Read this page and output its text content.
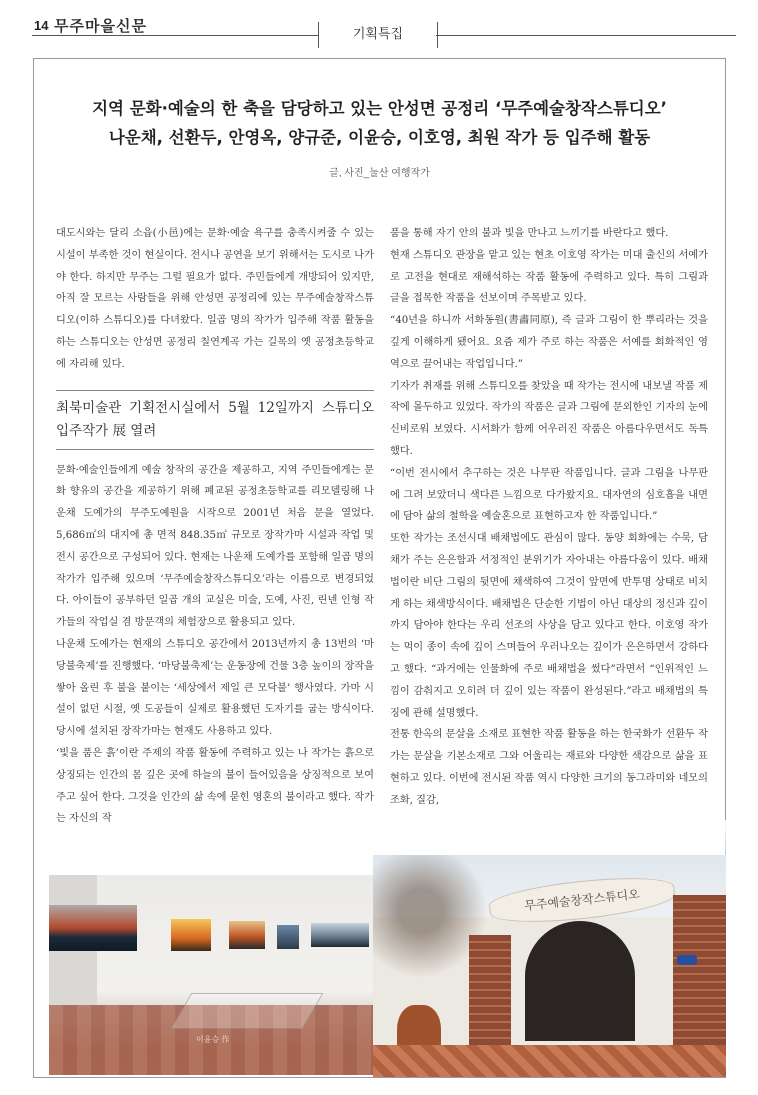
14 무주마을신문	기획특집
지역 문화·예술의 한 축을 담당하고 있는 안성면 공정리 ‘무주예술창작스튜디오’
나운채, 선환두, 안영옥, 양규준, 이윤승, 이호영, 최원 작가 등 입주해 활동
글, 사진_눌산 여행작가

대도시와는 달리 소읍(小邑)에는 문화·예술 욕구를 충족시켜줄 수 있는 시설이 부족한 것이 현실이다. 전시나 공연을 보기 위해서는 도시로 나가야 한다. 하지만 무주는 그럴 필요가 없다. 주민들에게 개방되어 있지만, 아직 잘 모르는 사람들을 위해 안성면 공정리에 있는 무주예술창작스튜디오(이하 스튜디오)를 다녀왔다. 일곱 명의 작가가 입주해 작품 활동을 하는 스튜디오는 안성면 공정리 칠연계곡 가는 길목의 옛 공정초등학교에 자리해 있다.

최북미술관 기획전시실에서 5월 12일까지 스튜디오 입주작가 展 열려

문화·예술인들에게 예술 창작의 공간을 제공하고, 지역 주민들에게는 문화 향유의 공간을 제공하기 위해 폐교된 공정초등학교를 리모델링해 나운채 도예가의 무주도예원을 시작으로 2001년 처음 문을 열었다. 5,686㎡의 대지에 총 면적 848.35㎡ 규모로 장작가마 시설과 작업 및 전시 공간으로 구성되어 있다. 현재는 나운채 도예가를 포함해 일곱 명의 작가가 입주해 있으며 ‘무주예술창작스튜디오’라는 이름으로 변경되었다. 아이들이 공부하던 일곱 개의 교실은 미술, 도예, 사진, 린넨 인형 작가들의 작업실 겸 방문객의 체험장으로 활용되고 있다.

나운채 도예가는 현재의 스튜디오 공간에서 2013년까지 총 13번의 ‘마당불축제’를 진행했다. ‘마당불축제’는 운동장에 건물 3층 높이의 장작을 쌓아 올린 후 불을 붙이는 ‘세상에서 제일 큰 모닥불’ 행사였다. 가마 시설이 없던 시절, 옛 도공들이 실제로 활용했던 도자기를 굽는 방식이다. 당시에 설치된 장작가마는 현재도 사용하고 있다.

‘빛을 품은 흙’이란 주제의 작품 활동에 주력하고 있는 나 작가는 흙으로 상징되는 인간의 몸 깊은 곳에 하늘의 불이 들어있음을 상징적으로 보여주고 싶어 한다. 그것을 인간의 삶 속에 묻힌 영혼의 불이라고 했다. 작가는 자신의 작

품을 통해 자기 안의 불과 빛을 만나고 느끼기를 바란다고 했다.

현재 스튜디오 관장을 맡고 있는 현초 이호영 작가는 미대 출신의 서예가로 고전을 현대로 재해석하는 작품 활동에 주력하고 있다. 특히 그림과 글을 접목한 작품을 선보이며 주목받고 있다.

“40년을 하니까 서화동원(書畵同原), 즉 글과 그림이 한 뿌리라는 것을 깊게 이해하게 됐어요. 요즘 제가 주로 하는 작품은 서예를 회화적인 영역으로 끌어내는 작업입니다.”

기자가 취재를 위해 스튜디오를 찾았을 때 작가는 전시에 내보낼 작품 제작에 몰두하고 있었다. 작가의 작품은 글과 그림에 문외한인 기자의 눈에 신비로워 보였다. 시서화가 함께 어우러진 작품은 아름다우면서도 독특했다.

“이번 전시에서 추구하는 것은 나무판 작품입니다. 글과 그림을 나무판에 그려 보았더니 색다른 느낌으로 다가왔지요. 대자연의 심호흡을 내면에 담아 삶의 철학을 예술혼으로 표현하고자 한 작품입니다.”

또한 작가는 조선시대 배채법에도 관심이 많다. 동양 회화에는 수묵, 담채가 주는 은은함과 서정적인 분위기가 자아내는 아름다움이 있다. 배채법이란 비단 그림의 뒷면에 채색하여 그것이 앞면에 반투명 상태로 비치게 하는 채색방식이다. 배채법은 단순한 기법이 아닌 대상의 정신과 깊이까지 담아야 한다는 우리 선조의 사상을 담고 있다고 한다. 이호영 작가는 먹이 종이 속에 깊이 스며들어 우러나오는 깊이가 은은하면서 강하다고 했다. “과거에는 인물화에 주로 배채법을 썼다”라면서 “인위적인 느낌이 감춰지고 오히려 더 깊이 있는 작품이 완성된다.”라고 배채법의 특징에 관해 설명했다.

전통 한옥의 문살을 소재로 표현한 작품 활동을 하는 한국화가 선환두 작가는 문살을 기본소재로 그와 어울리는 재료와 다양한 색감으로 삶을 표현하고 있다. 이번에 전시된 작품 역시 다양한 크기의 동그라미와 네모의 조화, 질감,

이윤승 作
무주예술창작스튜디오
